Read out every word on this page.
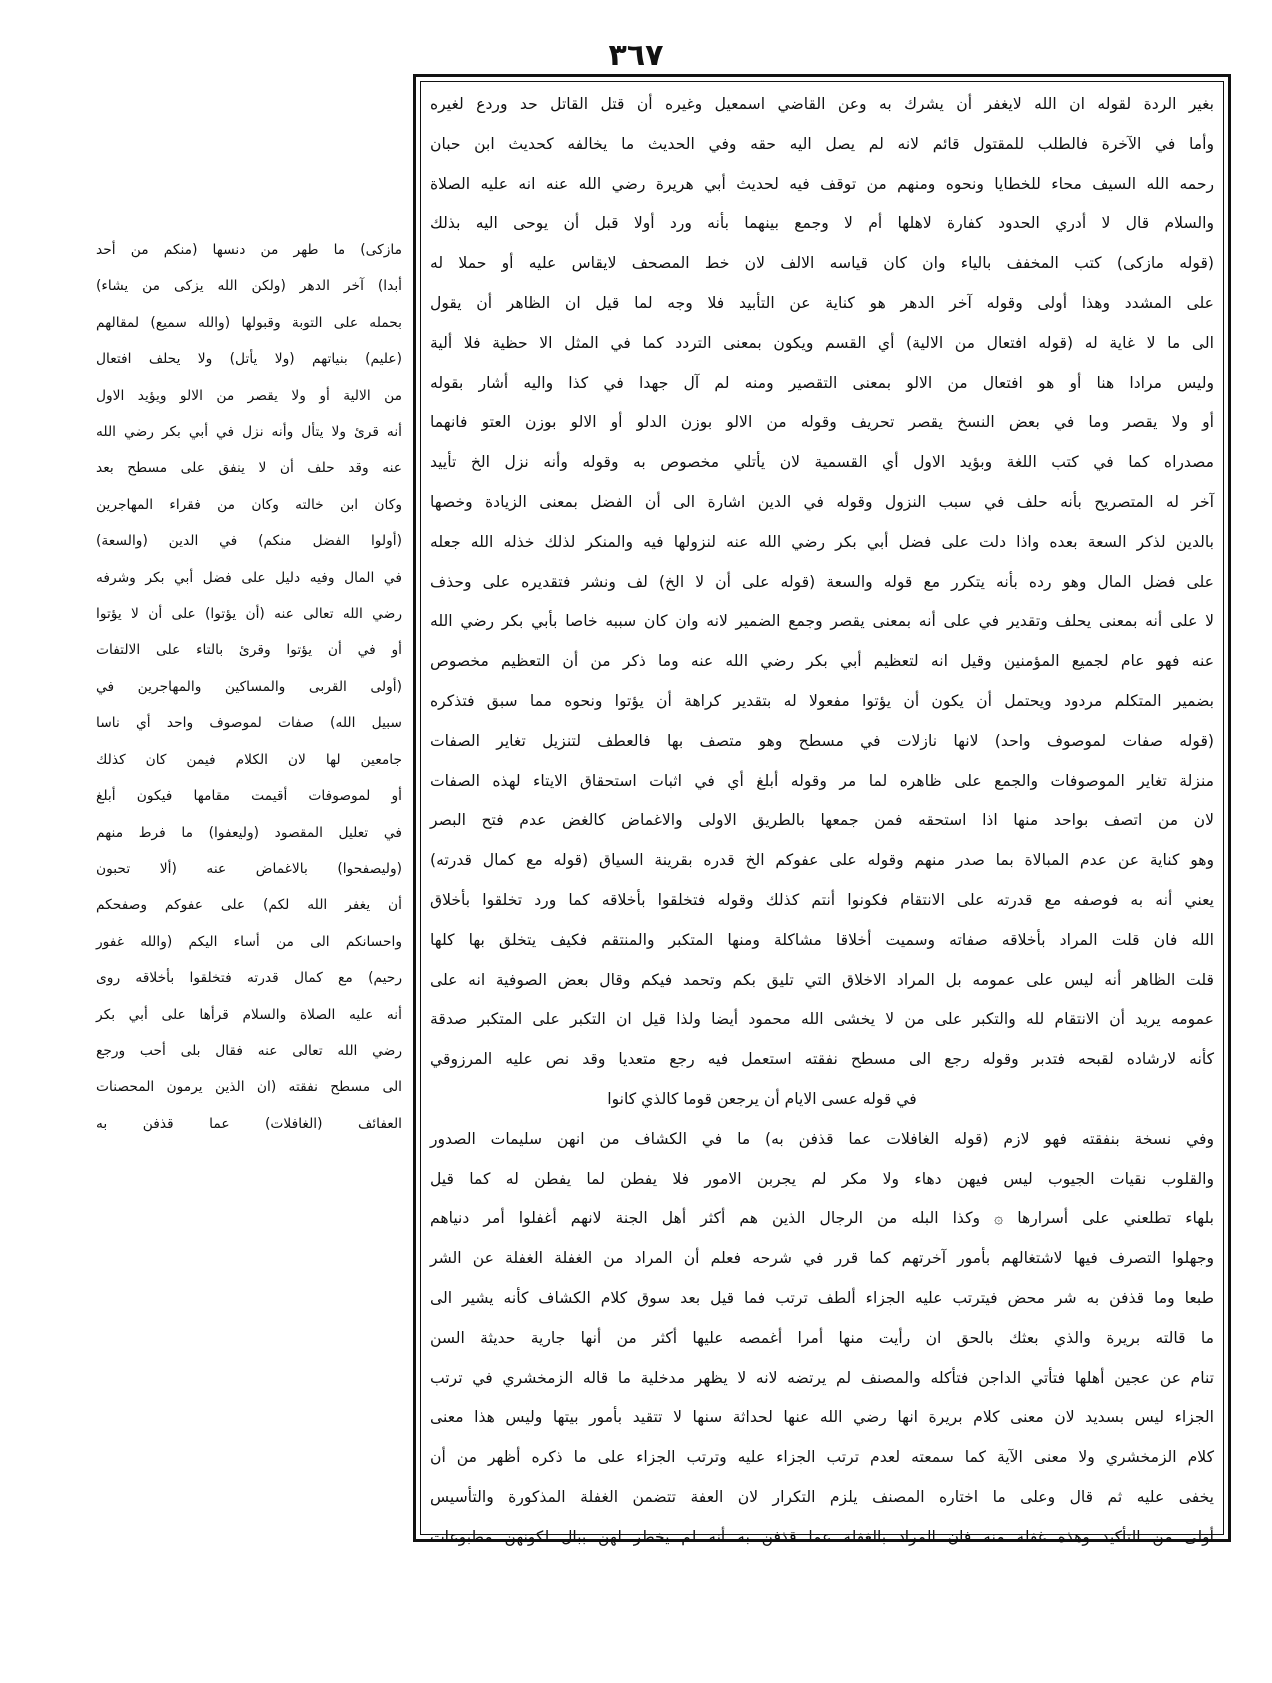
٣٦٧
بغير الردة لقوله ان الله لايغفر أن يشرك به وعن القاضي اسمعيل وغيره أن قتل القاتل حد وردع لغيره
وأما في الآخرة فالطلب للمقتول قائم لانه لم يصل اليه حقه وفي الحديث ما يخالفه كحديث ابن حبان
رحمه الله السيف محاء للخطايا ونحوه ومنهم من توقف فيه لحديث أبي هريرة رضي الله عنه انه عليه الصلاة
والسلام قال لا أدري الحدود كفارة لاهلها أم لا وجمع بينهما بأنه ورد أولا قبل أن يوحى اليه بذلك
(قوله مازكى) كتب المخفف بالياء وان كان قياسه الالف لان خط المصحف لايقاس عليه أو حملا له
على المشدد وهذا أولى وقوله آخر الدهر هو كناية عن التأبيد فلا وجه لما قيل ان الظاهر أن يقول
الى ما لا غاية له (قوله افتعال من الالية) أي القسم ويكون بمعنى التردد كما في المثل الا حظية فلا ألية
وليس مرادا هنا أو هو افتعال من الالو بمعنى التقصير ومنه لم آل جهدا في كذا واليه أشار بقوله
أو ولا يقصر وما في بعض النسخ يقصر تحريف وقوله من الالو بوزن الدلو أو الالو بوزن العتو فانهما
مصدراه كما في كتب اللغة وبؤيد الاول أي القسمية لان يأتلي مخصوص به وقوله وأنه نزل الخ تأييد
آخر له المتصريح بأنه حلف في سبب النزول وقوله في الدين اشارة الى أن الفضل بمعنى الزيادة وخصها
بالدين لذكر السعة بعده واذا دلت على فضل أبي بكر رضي الله عنه لنزولها فيه والمنكر لذلك خذله الله جعله
على فضل المال وهو رده بأنه يتكرر مع قوله والسعة (قوله على أن لا الخ) لف ونشر فتقديره على وحذف
لا على أنه بمعنى يحلف وتقدير في على أنه بمعنى يقصر وجمع الضمير لانه وان كان سببه خاصا بأبي بكر رضي الله
عنه فهو عام لجميع المؤمنين وقيل انه لتعظيم أبي بكر رضي الله عنه وما ذكر من أن التعظيم مخصوص
بضمير المتكلم مردود ويحتمل أن يكون أن يؤتوا مفعولا له بتقدير كراهة أن يؤتوا ونحوه مما سبق فتذكره
(قوله صفات لموصوف واحد) لانها نازلات في مسطح وهو متصف بها فالعطف لتنزيل تغاير الصفات
منزلة تغاير الموصوفات والجمع على ظاهره لما مر وقوله أبلغ أي في اثبات استحقاق الايتاء لهذه الصفات
لان من اتصف بواحد منها اذا استحقه فمن جمعها بالطريق الاولى والاغماض كالغض عدم فتح البصر
وهو كناية عن عدم المبالاة بما صدر منهم وقوله على عفوكم الخ قدره بقرينة السياق (قوله مع كمال قدرته)
يعني أنه به فوصفه مع قدرته على الانتقام فكونوا أنتم كذلك وقوله فتخلقوا بأخلاقه كما ورد تخلقوا بأخلاق
الله فان قلت المراد بأخلاقه صفاته وسميت أخلاقا مشاكلة ومنها المتكبر والمنتقم فكيف يتخلق بها كلها
قلت الظاهر أنه ليس على عمومه بل المراد الاخلاق التي تليق بكم وتحمد فيكم وقال بعض الصوفية انه على
عمومه يريد أن الانتقام لله والتكبر على من لا يخشى الله محمود أيضا ولذا قيل ان التكبر على المتكبر صدقة
كأنه لارشاده لقبحه فتدبر وقوله رجع الى مسطح نفقته استعمل فيه رجع متعديا وقد نص عليه المرزوقي
في قوله عسى الايام أن يرجعن قوما كالذي كانوا
وفي نسخة بنفقته فهو لازم (قوله الغافلات عما قذفن به) ما في الكشاف من انهن سليمات الصدور
والقلوب نقيات الجيوب ليس فيهن دهاء ولا مكر لم يجربن الامور فلا يفطن لما يفطن له كما قيل
بلهاء تطلعني على أسرارها ۞ وكذا البله من الرجال الذين هم أكثر أهل الجنة لانهم أغفلوا أمر دنياهم
وجهلوا التصرف فيها لاشتغالهم بأمور آخرتهم كما قرر في شرحه فعلم أن المراد من الغفلة الغفلة عن الشر
طبعا وما قذفن به شر محض فيترتب عليه الجزاء ألطف ترتب فما قيل بعد سوق كلام الكشاف كأنه يشير الى
ما قالته بريرة والذي بعثك بالحق ان رأيت منها أمرا أغمصه عليها أكثر من أنها جارية حديثة السن
تنام عن عجين أهلها فتأتي الداجن فتأكله والمصنف لم يرتضه لانه لا يظهر مدخلية ما قاله الزمخشري في ترتب
الجزاء ليس بسديد لان معنى كلام بريرة انها رضي الله عنها لحداثة سنها لا تتقيد بأمور بيتها وليس هذا معنى
كلام الزمخشري ولا معنى الآية كما سمعته لعدم ترتب الجزاء عليه وترتب الجزاء على ما ذكره أظهر من أن
يخفى عليه ثم قال وعلى ما اختاره المصنف يلزم التكرار لان العفة تتضمن الغفلة المذكورة والتأسيس
أولى من التأكيد وهذه غفلة منه فان المراد بالغفلة عما قذفن به أنه لم يخطر لهن ببال لكونهن مطبوعات
مازكى) ما طهر من دنسها (منكم من أحد
أبدا) آخر الدهر (ولكن الله يزكى من يشاء)
بحمله على التوبة وقبولها (والله سميع) لمقالهم
(عليم) بنياتهم (ولا يأتل) ولا يحلف افتعال
من الالية أو ولا يقصر من الالو ويؤيد الاول
أنه قرئ ولا يتأل وأنه نزل في أبي بكر رضي الله
عنه وقد حلف أن لا ينفق على مسطح بعد
وكان ابن خالته وكان من فقراء المهاجرين
(أولوا الفضل منكم) في الدين (والسعة)
في المال وفيه دليل على فضل أبي بكر وشرفه
رضي الله تعالى عنه (أن يؤتوا) على أن لا يؤتوا
أو في أن يؤتوا وقرئ بالتاء على الالتفات
(أولى القربى والمساكين والمهاجرين في
سبيل الله) صفات لموصوف واحد أي ناسا
جامعين لها لان الكلام فيمن كان كذلك
أو لموصوفات أقيمت مقامها فيكون أبلغ
في تعليل المقصود (وليعفوا) ما فرط منهم
(وليصفحوا) بالاغماض عنه (ألا تحبون
أن يغفر الله لكم) على عفوكم وصفحكم
واحسانكم الى من أساء اليكم (والله غفور
رحيم) مع كمال قدرته فتخلقوا بأخلاقه روى
أنه عليه الصلاة والسلام قرأها على أبي بكر
رضي الله تعالى عنه فقال بلى أحب ورجع
الى مسطح نفقته (ان الذين يرمون المحصنات
العفائف (الغافلات) عما قذفن به
